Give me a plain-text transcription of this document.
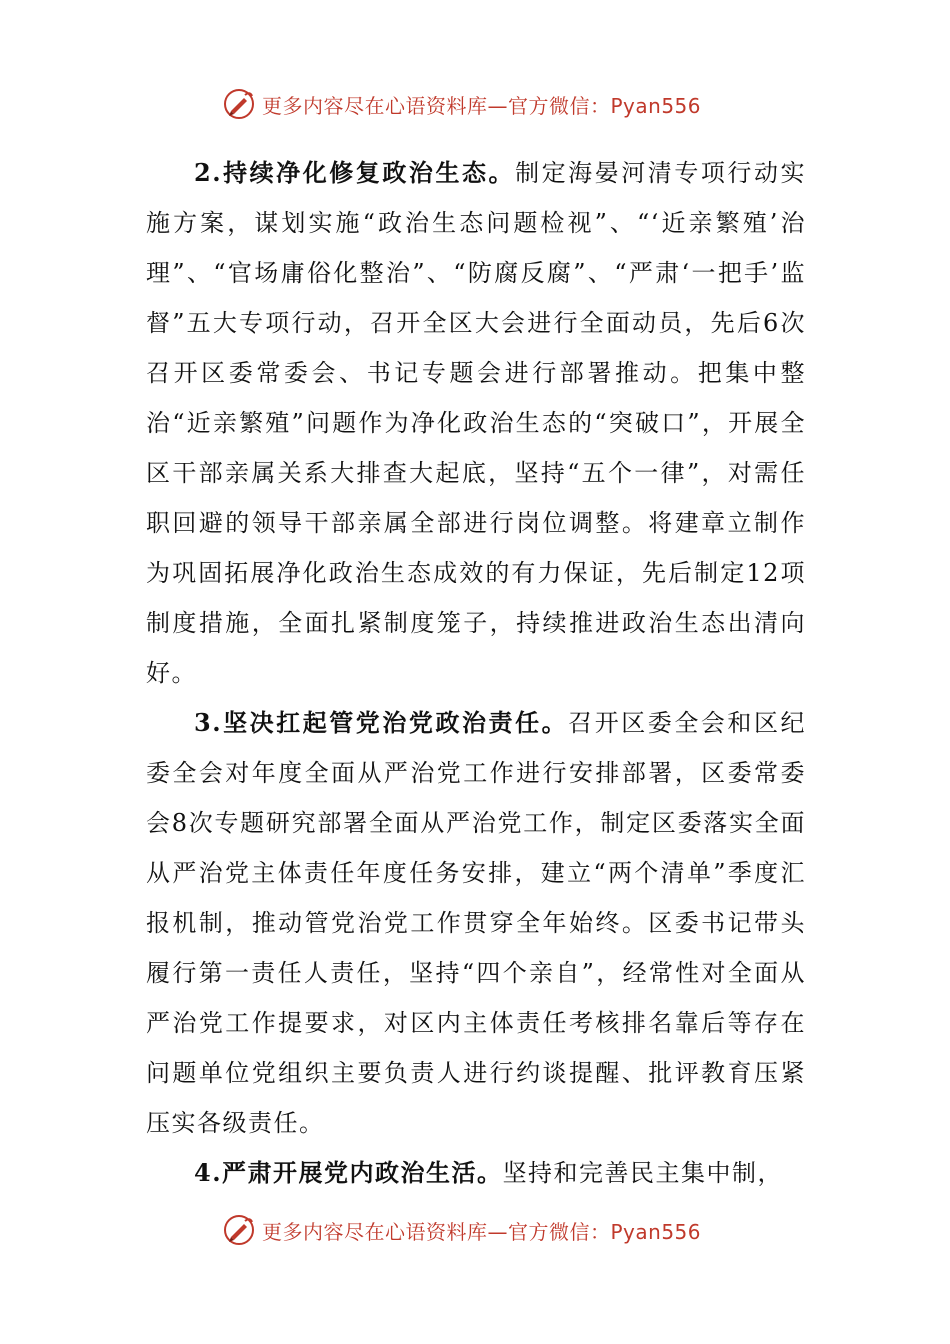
更多内容尽在心语资料库—官方微信：Pyan556

2.持续净化修复政治生态。制定海晏河清专项行动实施方案，谋划实施“政治生态问题检视”、“‘近亲繁殖’治理”、“官场庸俗化整治”、“防腐反腐”、“严肃‘一把手’监督”五大专项行动，召开全区大会进行全面动员，先后6次召开区委常委会、书记专题会进行部署推动。把集中整治“近亲繁殖”问题作为净化政治生态的“突破口”，开展全区干部亲属关系大排查大起底，坚持“五个一律”，对需任职回避的领导干部亲属全部进行岗位调整。将建章立制作为巩固拓展净化政治生态成效的有力保证，先后制定12项制度措施，全面扎紧制度笼子，持续推进政治生态出清向好。

3.坚决扛起管党治党政治责任。召开区委全会和区纪委全会对年度全面从严治党工作进行安排部署，区委常委会8次专题研究部署全面从严治党工作，制定区委落实全面从严治党主体责任年度任务安排，建立“两个清单”季度汇报机制，推动管党治党工作贯穿全年始终。区委书记带头履行第一责任人责任，坚持“四个亲自”，经常性对全面从严治党工作提要求，对区内主体责任考核排名靠后等存在问题单位党组织主要负责人进行约谈提醒、批评教育压紧压实各级责任。

4.严肃开展党内政治生活。坚持和完善民主集中制，

更多内容尽在心语资料库—官方微信：Pyan556
